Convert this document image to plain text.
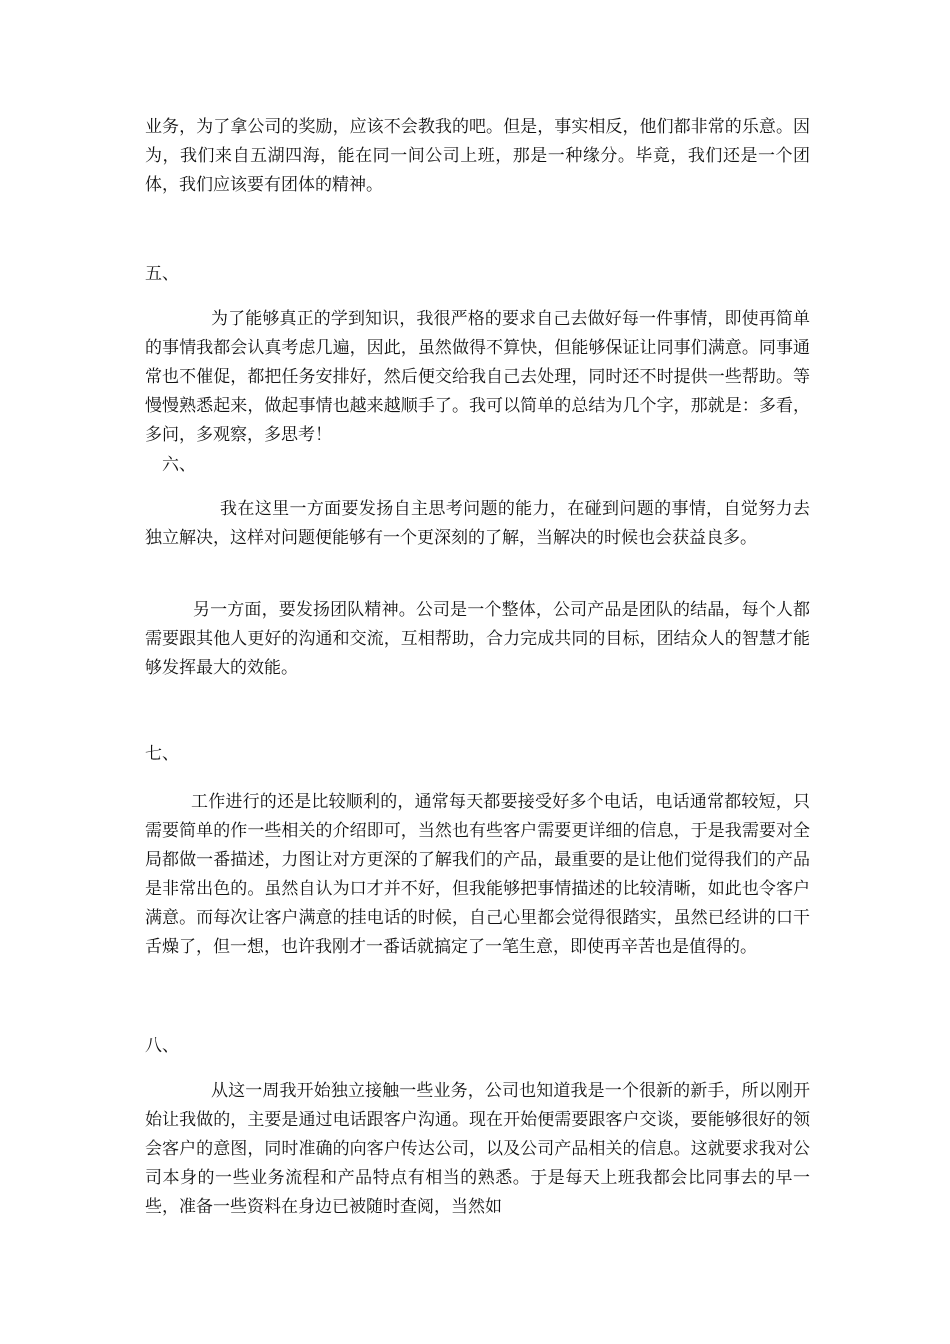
业务，为了拿公司的奖励，应该不会教我的吧。但是，事实相反，他们都非常的乐意。因为，我们来自五湖四海，能在同一间公司上班，那是一种缘分。毕竟，我们还是一个团体，我们应该要有团体的精神。

五、

为了能够真正的学到知识，我很严格的要求自己去做好每一件事情，即使再简单的事情我都会认真考虑几遍，因此，虽然做得不算快，但能够保证让同事们满意。同事通常也不催促，都把任务安排好，然后便交给我自己去处理，同时还不时提供一些帮助。等慢慢熟悉起来，做起事情也越来越顺手了。我可以简单的总结为几个字，那就是：多看，多问，多观察，多思考！

六、

我在这里一方面要发扬自主思考问题的能力，在碰到问题的事情，自觉努力去独立解决，这样对问题便能够有一个更深刻的了解，当解决的时候也会获益良多。

另一方面，要发扬团队精神。公司是一个整体，公司产品是团队的结晶，每个人都需要跟其他人更好的沟通和交流，互相帮助，合力完成共同的目标，团结众人的智慧才能够发挥最大的效能。

七、

工作进行的还是比较顺利的，通常每天都要接受好多个电话，电话通常都较短，只需要简单的作一些相关的介绍即可，当然也有些客户需要更详细的信息，于是我需要对全局都做一番描述，力图让对方更深的了解我们的产品，最重要的是让他们觉得我们的产品是非常出色的。虽然自认为口才并不好，但我能够把事情描述的比较清晰，如此也令客户满意。而每次让客户满意的挂电话的时候，自己心里都会觉得很踏实，虽然已经讲的口干舌燥了，但一想，也许我刚才一番话就搞定了一笔生意，即使再辛苦也是值得的。

八、

从这一周我开始独立接触一些业务，公司也知道我是一个很新的新手，所以刚开始让我做的，主要是通过电话跟客户沟通。现在开始便需要跟客户交谈，要能够很好的领会客户的意图，同时准确的向客户传达公司，以及公司产品相关的信息。这就要求我对公司本身的一些业务流程和产品特点有相当的熟悉。于是每天上班我都会比同事去的早一些，准备一些资料在身边已被随时查阅，当然如
